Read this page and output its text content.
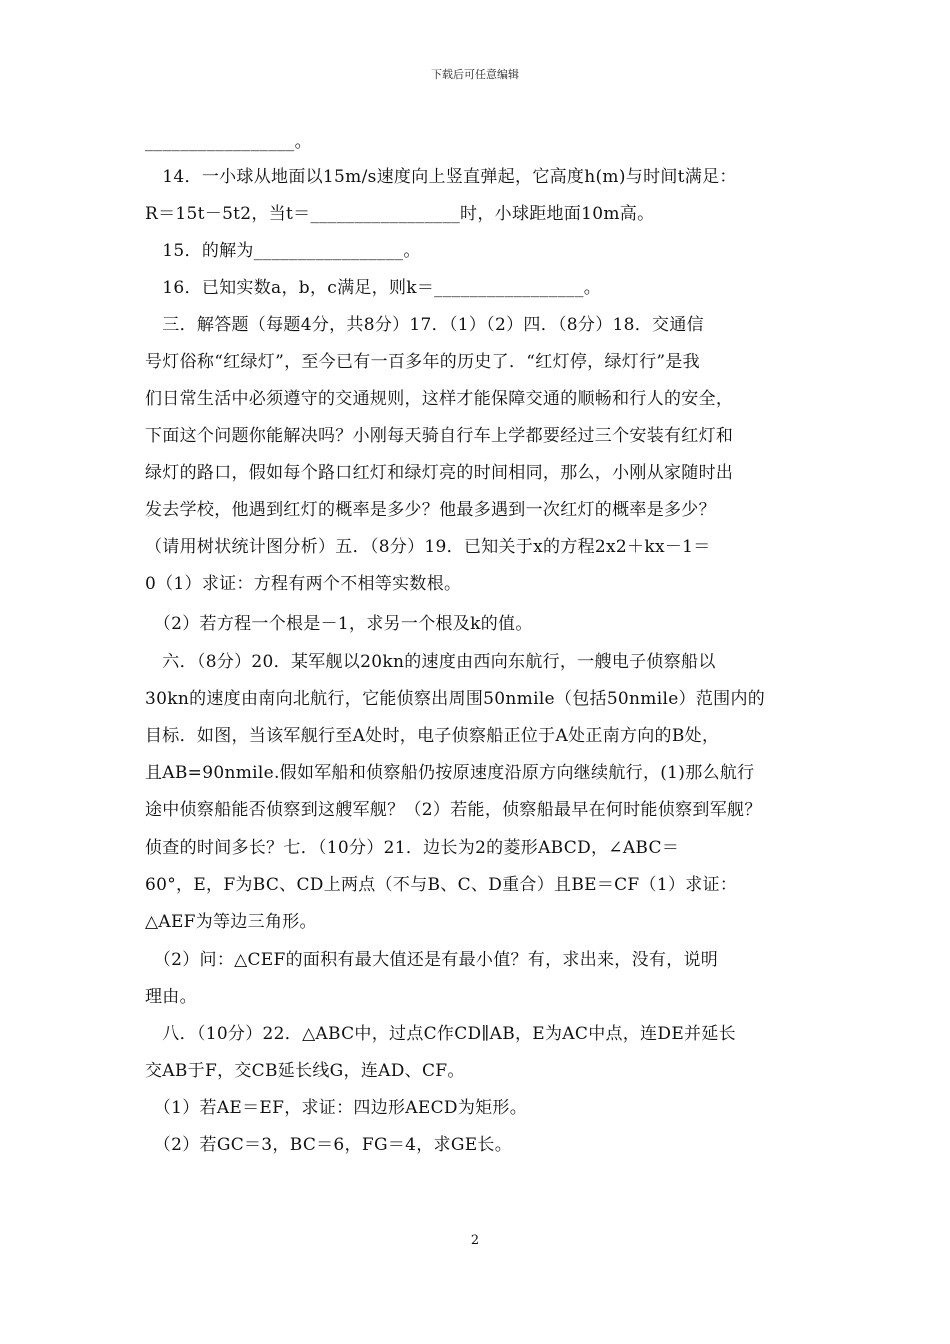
下载后可任意编辑
_________________。
　14．一小球从地面以15m/s速度向上竖直弹起，它高度h(m)与时间t满足：
R＝15t－5t2，当t＝_________________时，小球距地面10m高。
　15．的解为_________________。
　16．已知实数a，b，c满足，则k＝_________________。
　三．解答题（每题4分，共8分）17．（1）（2）四．（8分）18．交通信
号灯俗称“红绿灯”，至今已有一百多年的历史了．“红灯停，绿灯行”是我
们日常生活中必须遵守的交通规则，这样才能保障交通的顺畅和行人的安全，
下面这个问题你能解决吗？小刚每天骑自行车上学都要经过三个安装有红灯和
绿灯的路口，假如每个路口红灯和绿灯亮的时间相同，那么，小刚从家随时出
发去学校，他遇到红灯的概率是多少？他最多遇到一次红灯的概率是多少？
（请用树状统计图分析）五．（8分）19．已知关于x的方程2x2＋kx－1＝
0（1）求证：方程有两个不相等实数根。
　（2）若方程一个根是－1，求另一个根及k的值。
　六．（8分）20．某军舰以20kn的速度由西向东航行，一艘电子侦察船以
30kn的速度由南向北航行，它能侦察出周围50nmile（包括50nmile）范围内的
目标．如图，当该军舰行至A处时，电子侦察船正位于A处正南方向的B处，
且AB=90nmile.假如军船和侦察船仍按原速度沿原方向继续航行，(1)那么航行
途中侦察船能否侦察到这艘军舰？（2）若能，侦察船最早在何时能侦察到军舰？
侦查的时间多长？七．（10分）21．边长为2的菱形ABCD，∠ABC＝
60°，E，F为BC、CD上两点（不与B、C、D重合）且BE＝CF（1）求证：
△AEF为等边三角形。
　（2）问：△CEF的面积有最大值还是有最小值？有，求出来，没有，说明
理由。
　八．（10分）22．△ABC中，过点C作CD∥AB，E为AC中点，连DE并延长
交AB于F，交CB延长线G，连AD、CF。
　（1）若AE＝EF，求证：四边形AECD为矩形。
　（2）若GC＝3，BC＝6，FG＝4，求GE长。
2
